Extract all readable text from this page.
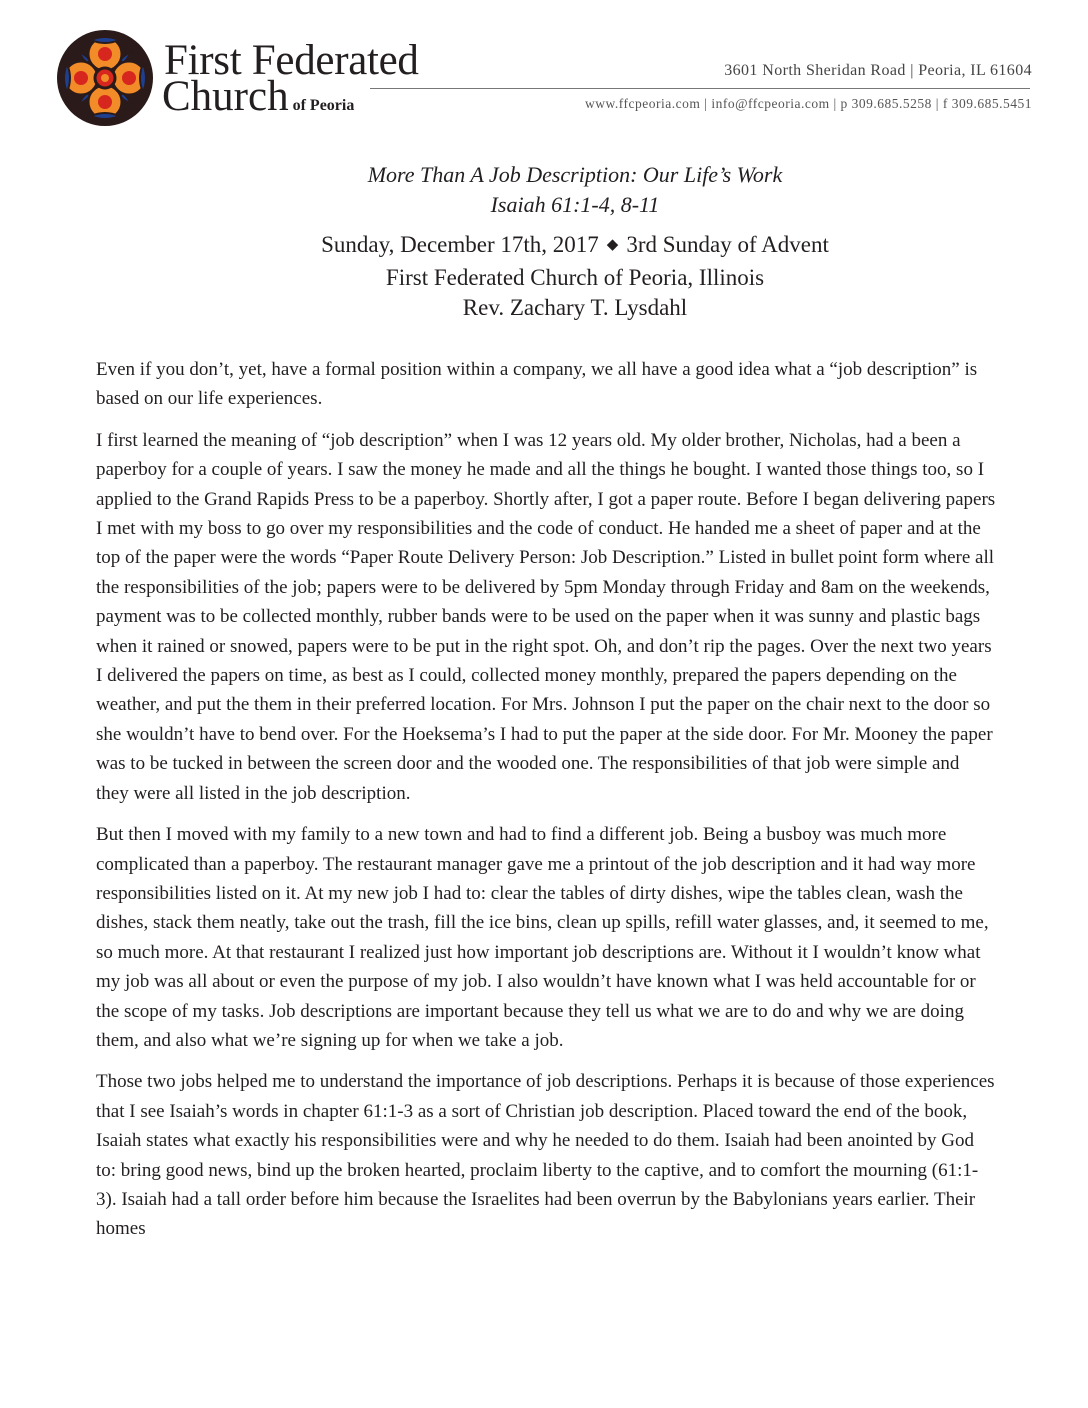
First Federated
Church of Peoria
3601 North Sheridan Road | Peoria, IL 61604
www.ffcpeoria.com | info@ffcpeoria.com | p 309.685.5258 | f 309.685.5451
More Than A Job Description: Our Life’s Work
Isaiah 61:1-4, 8-11
Sunday, December 17th, 2017 ◆ 3rd Sunday of Advent
First Federated Church of Peoria, Illinois
Rev. Zachary T. Lysdahl

Even if you don’t, yet, have a formal position within a company, we all have a good idea what a “job description” is based on our life experiences.

I first learned the meaning of “job description” when I was 12 years old. My older brother, Nicholas, had a been a paperboy for a couple of years. I saw the money he made and all the things he bought. I wanted those things too, so I applied to the Grand Rapids Press to be a paperboy. Shortly after, I got a paper route. Before I began delivering papers I met with my boss to go over my responsibilities and the code of conduct. He handed me a sheet of paper and at the top of the paper were the words “Paper Route Delivery Person: Job Description.” Listed in bullet point form where all the responsibilities of the job; papers were to be delivered by 5pm Monday through Friday and 8am on the weekends, payment was to be collected monthly, rubber bands were to be used on the paper when it was sunny and plastic bags when it rained or snowed, papers were to be put in the right spot. Oh, and don’t rip the pages. Over the next two years I delivered the papers on time, as best as I could, collected money monthly, prepared the papers depending on the weather, and put the them in their preferred location. For Mrs. Johnson I put the paper on the chair next to the door so she wouldn’t have to bend over. For the Hoeksema’s I had to put the paper at the side door. For Mr. Mooney the paper was to be tucked in between the screen door and the wooded one. The responsibilities of that job were simple and they were all listed in the job description.

But then I moved with my family to a new town and had to find a different job. Being a busboy was much more complicated than a paperboy. The restaurant manager gave me a printout of the job description and it had way more responsibilities listed on it. At my new job I had to: clear the tables of dirty dishes, wipe the tables clean, wash the dishes, stack them neatly, take out the trash, fill the ice bins, clean up spills, refill water glasses, and, it seemed to me, so much more. At that restaurant I realized just how important job descriptions are. Without it I wouldn’t know what my job was all about or even the purpose of my job. I also wouldn’t have known what I was held accountable for or the scope of my tasks. Job descriptions are important because they tell us what we are to do and why we are doing them, and also what we’re signing up for when we take a job.

Those two jobs helped me to understand the importance of job descriptions. Perhaps it is because of those experiences that I see Isaiah’s words in chapter 61:1-3 as a sort of Christian job description. Placed toward the end of the book, Isaiah states what exactly his responsibilities were and why he needed to do them. Isaiah had been anointed by God to: bring good news, bind up the broken hearted, proclaim liberty to the captive, and to comfort the mourning (61:1-3). Isaiah had a tall order before him because the Israelites had been overrun by the Babylonians years earlier. Their homes
